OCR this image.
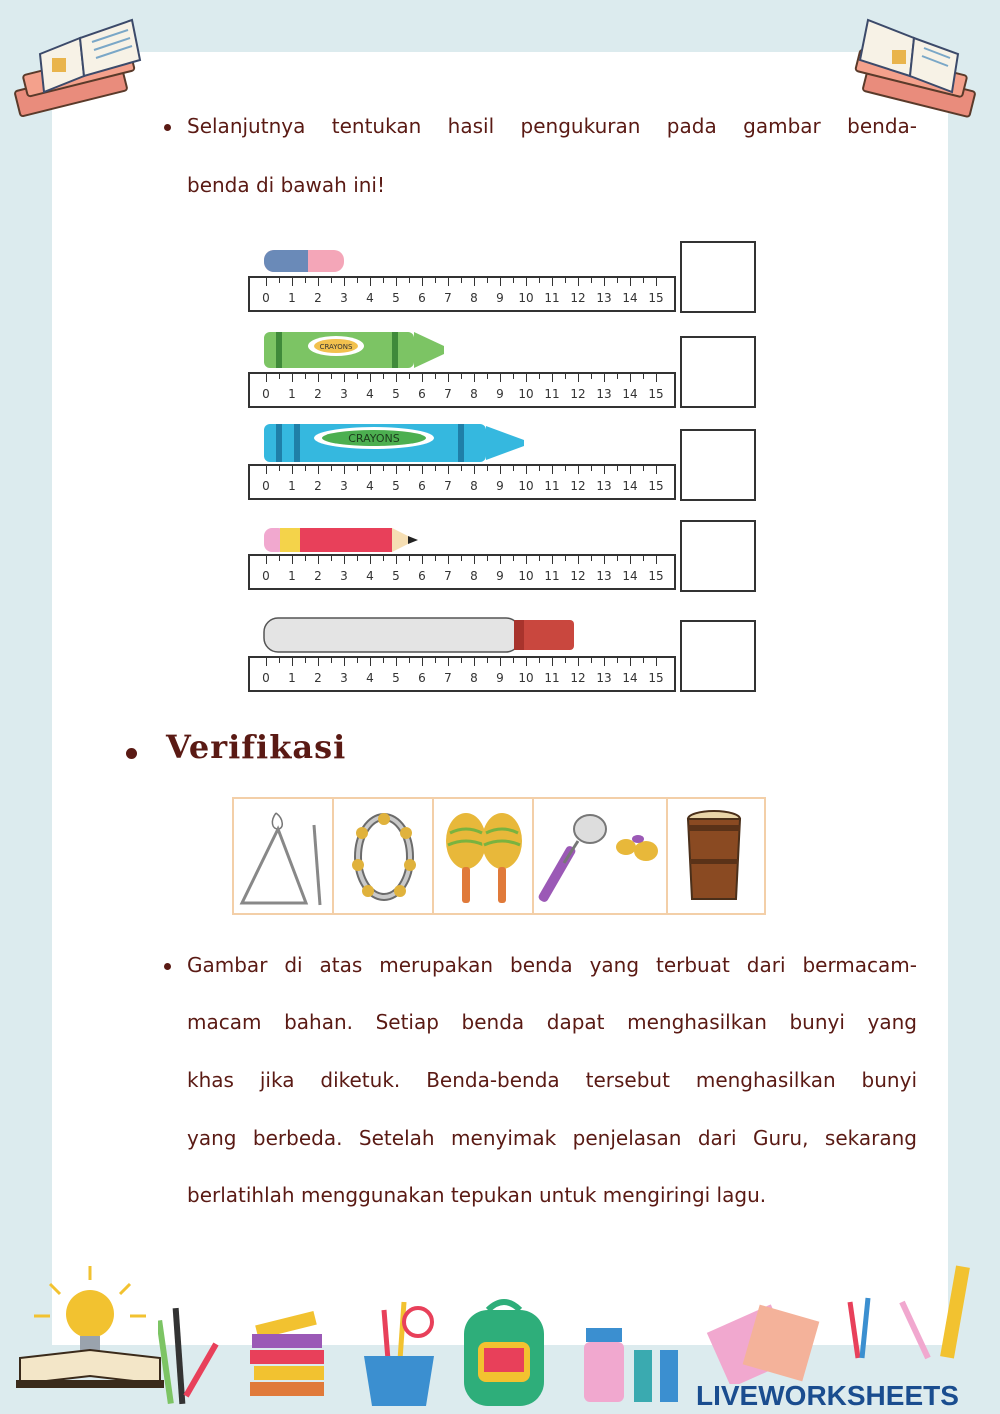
Selanjutnya tentukan hasil pengukuran pada gambar benda-
benda di bawah ini!
CRAYONS
CRAYONS
0 1 2 3 4 5 6 7 8 9 10 11 12 13 14 15
0 1 2 3 4 5 6 7 8 9 10 11 12 13 14 15
0 1 2 3 4 5 6 7 8 9 10 11 12 13 14 15
0 1 2 3 4 5 6 7 8 9 10 11 12 13 14 15
0 1 2 3 4 5 6 7 8 9 10 11 12 13 14 15
Verifikasi
Gambar di atas merupakan benda yang terbuat dari bermacam-
macam bahan. Setiap benda dapat menghasilkan bunyi yang
khas jika diketuk. Benda-benda tersebut menghasilkan bunyi
yang berbeda. Setelah menyimak penjelasan dari Guru, sekarang
berlatihlah menggunakan tepukan untuk mengiringi lagu.
LIVEWORKSHEETS
